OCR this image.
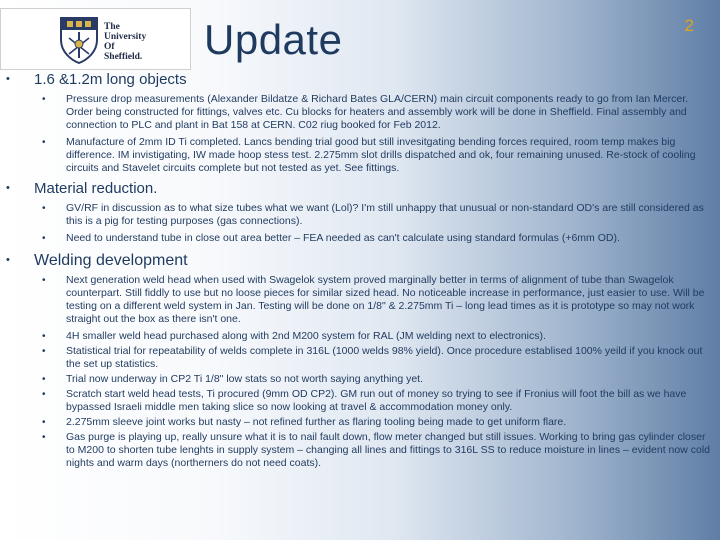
The
University
Of
Sheffield. Update	2
• 1.6 &1.2m long objects
• Pressure drop measurements (Alexander Bildatze & Richard Bates GLA/CERN) main circuit components ready to go from Ian Mercer. Order being constructed for fittings, valves etc. Cu blocks for heaters and assembly work will be done in Sheffield. Final assembly and connection to PLC and plant in Bat 158 at CERN. C02 riug booked for Feb 2012.
• Manufacture of 2mm ID Ti completed. Lancs bending trial good but still invesitgating bending forces required, room temp makes big difference. IM invistigating, IW made hoop stess test. 2.275mm slot drills dispatched and ok, four remaining unused. Re-stock of cooling circuits and Stavelet circuits complete but not tested as yet. See fittings.
• Material reduction.
• GV/RF in discussion as to what size tubes what we want (Lol)? I'm still unhappy that unusual or non-standard OD's are still considered as this is a pig for testing purposes (gas connections).
• Need to understand tube in close out area better – FEA needed as can't calculate using standard formulas (+6mm OD).
• Welding development
• Next generation weld head when used with Swagelok system proved marginally better in terms of alignment of tube than Swagelok counterpart. Still fiddly to use but no loose pieces for similar sized head. No noticeable increase in performance, just easier to use. Will be testing on a different weld system in Jan. Testing will be done on 1/8" & 2.275mm Ti – long lead times as it is prototype so may not work straight out the box as there isn't one.
• 4H smaller weld head purchased along with 2nd M200 system for RAL (JM welding next to electronics).
• Statistical trial for repeatability of welds complete in 316L (1000 welds 98% yield). Once procedure establised 100% yeild if you knock out the set up statistics.
• Trial now underway in CP2 Ti 1/8" low stats so not worth saying anything yet.
• Scratch start weld head tests, Ti procured (9mm OD CP2). GM run out of money so trying to see if Fronius will foot the bill as we have bypassed Israeli middle men taking slice so now looking at travel & accommodation money only.
• 2.275mm sleeve joint works but nasty – not refined further as flaring tooling being made to get uniform flare.
• Gas purge is playing up, really unsure what it is to nail fault down, flow meter changed but still issues. Working to bring gas cylinder closer to M200 to shorten tube lenghts in supply system – changing all lines and fittings to 316L SS to reduce moisture in lines – evident now cold nights and warm days (northerners do not need coats).
